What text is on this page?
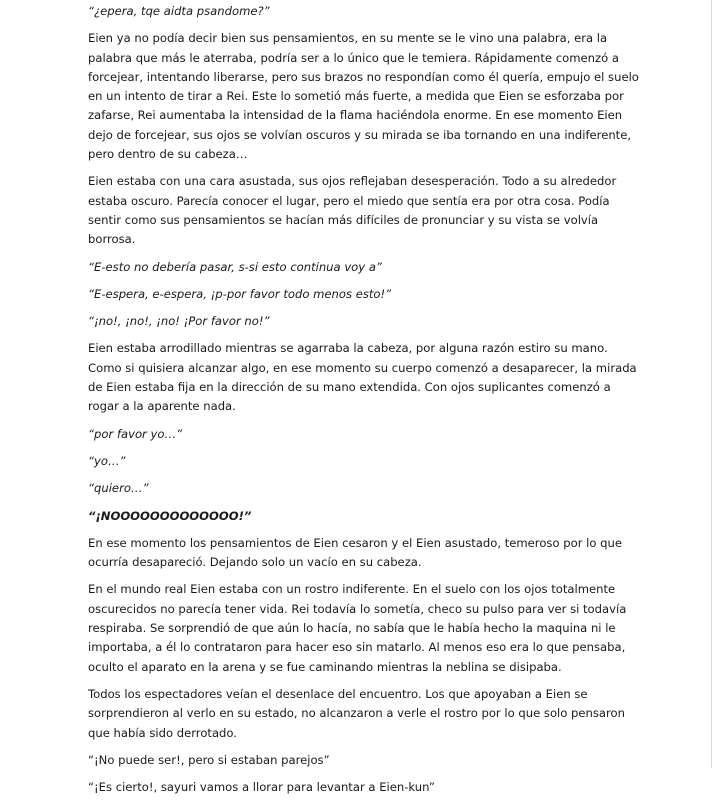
“¿epera, tqe aidta psandome?”

Eien ya no podía decir bien sus pensamientos, en su mente se le vino una palabra, era la palabra que más le aterraba, podría ser a lo único que le temiera. Rápidamente comenzó a forcejear, intentando liberarse, pero sus brazos no respondían como él quería, empujo el suelo en un intento de tirar a Rei. Este lo sometió más fuerte, a medida que Eien se esforzaba por zafarse, Rei aumentaba la intensidad de la flama haciéndola enorme. En ese momento Eien dejo de forcejear, sus ojos se volvían oscuros y su mirada se iba tornando en una indiferente, pero dentro de su cabeza…

Eien estaba con una cara asustada, sus ojos reflejaban desesperación. Todo a su alrededor estaba oscuro. Parecía conocer el lugar, pero el miedo que sentía era por otra cosa. Podía sentir como sus pensamientos se hacían más difíciles de pronunciar y su vista se volvía borrosa.

“E-esto no debería pasar, s-si esto continua voy a”

“E-espera, e-espera, ¡p-por favor todo menos esto!”

“¡no!, ¡no!, ¡no! ¡Por favor no!”

Eien estaba arrodillado mientras se agarraba la cabeza, por alguna razón estiro su mano. Como si quisiera alcanzar algo, en ese momento su cuerpo comenzó a desaparecer, la mirada de Eien estaba fija en la dirección de su mano extendida. Con ojos suplicantes comenzó a rogar a la aparente nada.

“por favor yo…”

“yo…”

“quiero…”

“¡NOOOOOOOOOOOOO!”

En ese momento los pensamientos de Eien cesaron y el Eien asustado, temeroso por lo que ocurría desapareció. Dejando solo un vacío en su cabeza.

En el mundo real Eien estaba con un rostro indiferente. En el suelo con los ojos totalmente oscurecidos no parecía tener vida. Rei todavía lo sometía, checo su pulso para ver si todavía respiraba. Se sorprendió de que aún lo hacía, no sabía que le había hecho la maquina ni le importaba, a él lo contrataron para hacer eso sin matarlo. Al menos eso era lo que pensaba, oculto el aparato en la arena y se fue caminando mientras la neblina se disipaba.

Todos los espectadores veían el desenlace del encuentro. Los que apoyaban a Eien se sorprendieron al verlo en su estado, no alcanzaron a verle el rostro por lo que solo pensaron que había sido derrotado.

“¡No puede ser!, pero si estaban parejos”

“¡Es cierto!, sayuri vamos a llorar para levantar a Eien-kun”
